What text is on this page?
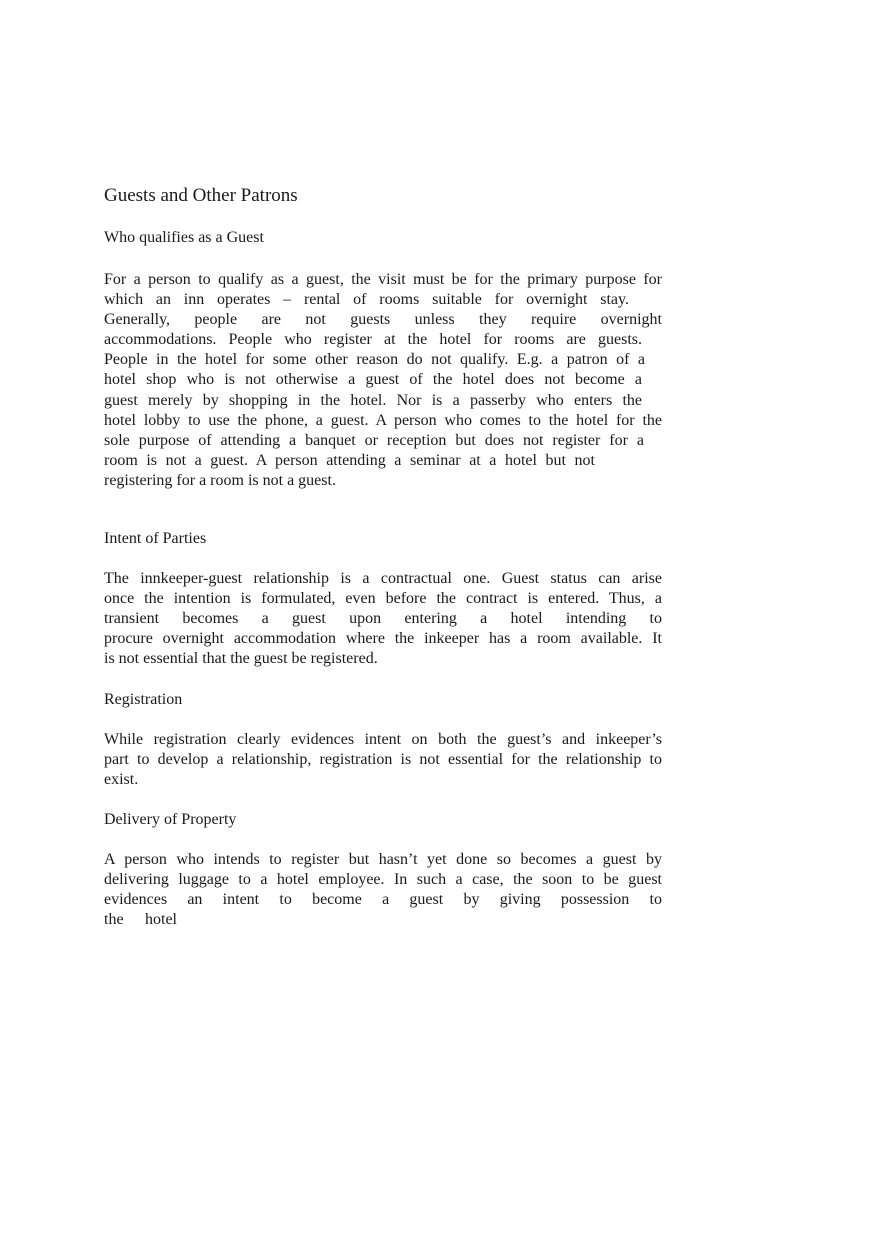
Guests and Other Patrons
Who qualifies as a Guest

For a person to qualify as a guest, the visit must be for the primary purpose for
which an inn operates – rental of rooms suitable for overnight stay.
Generally, people are not guests unless they require overnight
accommodations. People who register at the hotel for rooms are guests.
People in the hotel for some other reason do not qualify. E.g. a patron of a
hotel shop who is not otherwise a guest of the hotel does not become a
guest merely by shopping in the hotel. Nor is a passerby who enters the
hotel lobby to use the phone, a guest. A person who comes to the hotel for the
sole purpose of attending a banquet or reception but does not register for a
room is not a guest. A person attending a seminar at a hotel but not
registering for a room is not a guest.

Intent of Parties

The innkeeper-guest relationship is a contractual one. Guest status can arise
once the intention is formulated, even before the contract is entered. Thus, a
transient becomes a guest upon entering a hotel intending to
procure overnight accommodation where the inkeeper has a room available. It
is not essential that the guest be registered.

Registration

While registration clearly evidences intent on both the guest’s and inkeeper’s
part to develop a relationship, registration is not essential for the relationship to
exist.

Delivery of Property

A person who intends to register but hasn’t yet done so becomes a guest by
delivering luggage to a hotel employee. In such a case, the soon to be guest
evidences an intent to become a guest by giving possession to
the hotel
